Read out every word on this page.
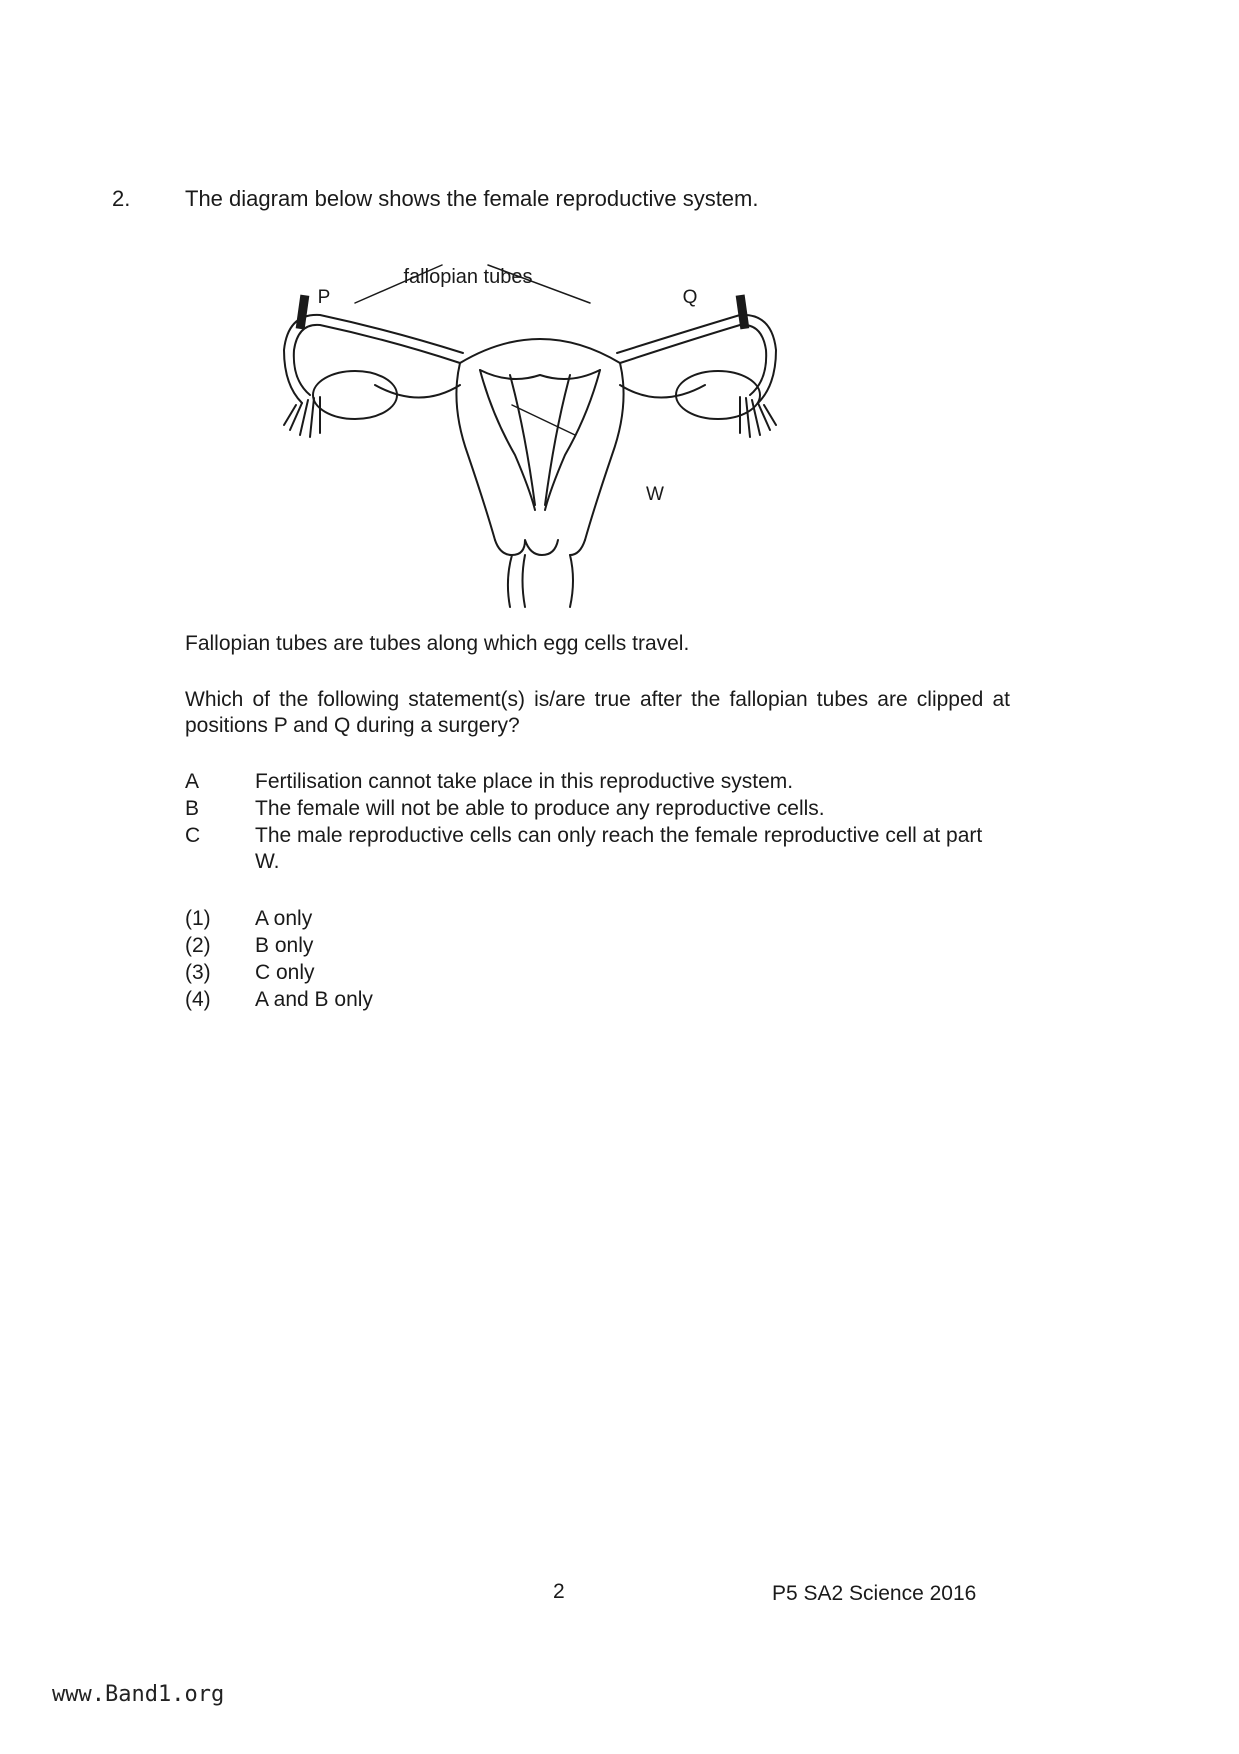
2. The diagram below shows the female reproductive system.
fallopian tubes
P	Q
W
Fallopian tubes are tubes along which egg cells travel.
Which of the following statement(s) is/are true after the fallopian tubes are clipped at positions P and Q during a surgery?
A	Fertilisation cannot take place in this reproductive system.
B	The female will not be able to produce any reproductive cells.
C	The male reproductive cells can only reach the female reproductive cell at part W.
(1) A only
(2) B only
(3) C only
(4) A and B only
2	P5 SA2 Science 2016
www.Band1.org
